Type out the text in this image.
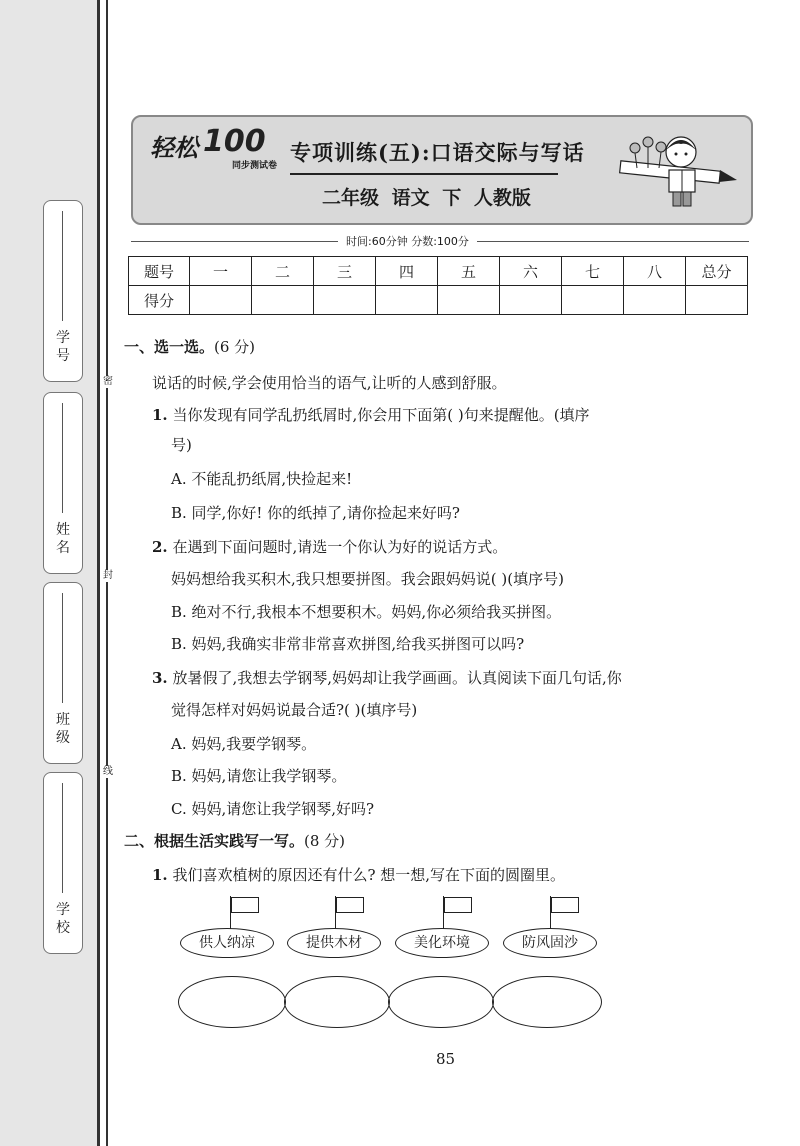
学号
姓名
班级
学校
密
封
线
轻松 100
同步测试卷
专项训练(五):口语交际与写话
二年级 语文 下 人教版
时间:60分钟 分数:100分
题号	一	二	三	四	五	六	七	八	总分
得分									
一、选一选。(6 分)
说话的时候,学会使用恰当的语气,让听的人感到舒服。
1. 当你发现有同学乱扔纸屑时,你会用下面第( )句来提醒他。(填序
号)
A. 不能乱扔纸屑,快捡起来!
B. 同学,你好! 你的纸掉了,请你捡起来好吗?
2. 在遇到下面问题时,请选一个你认为好的说话方式。
妈妈想给我买积木,我只想要拼图。我会跟妈妈说( )(填序号)
B. 绝对不行,我根本不想要积木。妈妈,你必须给我买拼图。
B. 妈妈,我确实非常非常喜欢拼图,给我买拼图可以吗?
3. 放暑假了,我想去学钢琴,妈妈却让我学画画。认真阅读下面几句话,你
觉得怎样对妈妈说最合适?( )(填序号)
A. 妈妈,我要学钢琴。
B. 妈妈,请您让我学钢琴。
C. 妈妈,请您让我学钢琴,好吗?
二、根据生活实践写一写。(8 分)
1. 我们喜欢植树的原因还有什么? 想一想,写在下面的圆圈里。
供人纳凉	提供木材	美化环境	防风固沙
85
